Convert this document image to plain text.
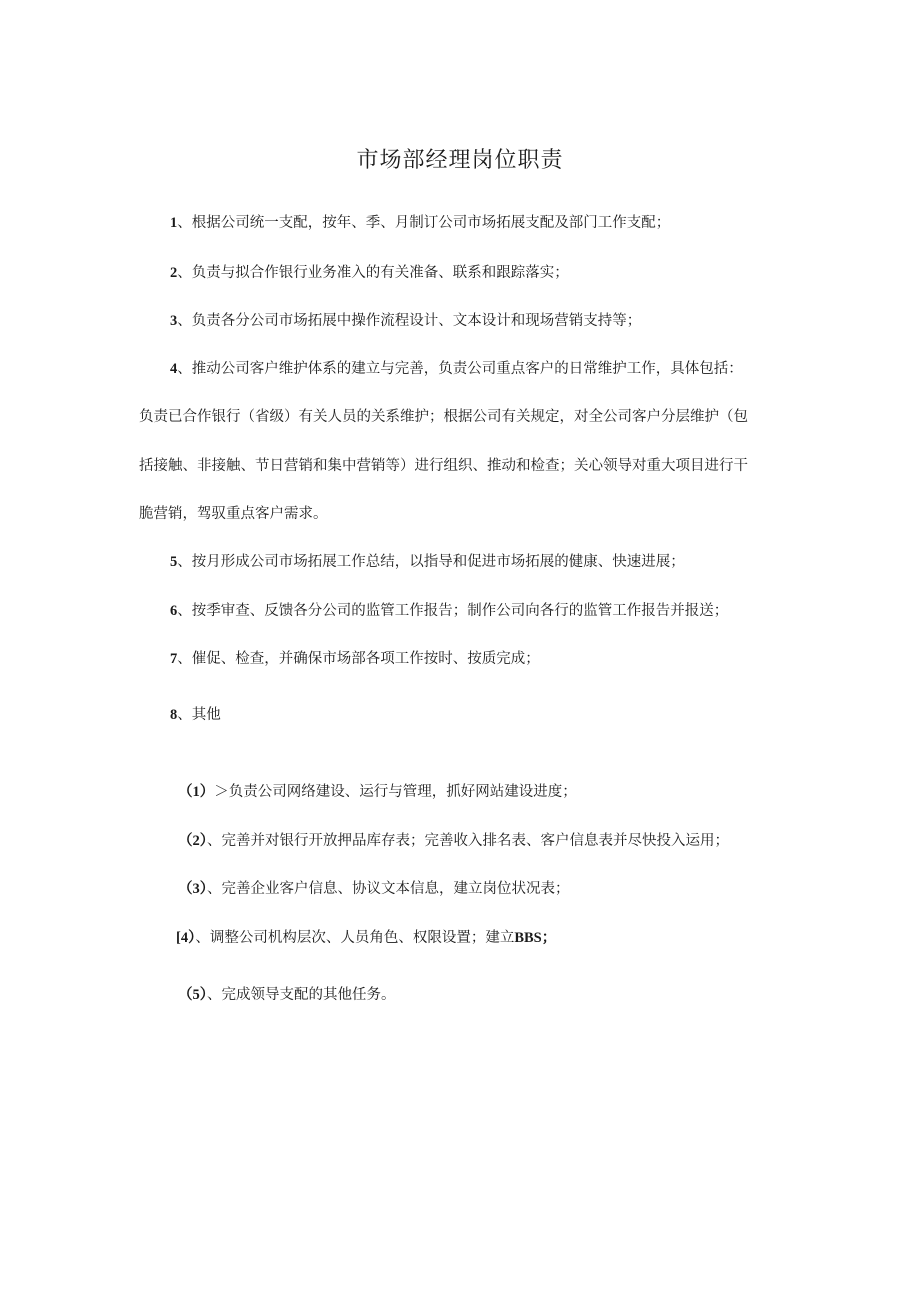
市场部经理岗位职责
1、根据公司统一支配，按年、季、月制订公司市场拓展支配及部门工作支配；
2、负责与拟合作银行业务准入的有关准备、联系和跟踪落实；
3、负责各分公司市场拓展中操作流程设计、文本设计和现场营销支持等；
4、推动公司客户维护体系的建立与完善，负责公司重点客户的日常维护工作，具体包括：
负责已合作银行（省级）有关人员的关系维护；根据公司有关规定，对全公司客户分层维护（包
括接触、非接触、节日营销和集中营销等）进行组织、推动和检查；关心领导对重大项目进行干
脆营销，驾驭重点客户需求。
5、按月形成公司市场拓展工作总结，以指导和促进市场拓展的健康、快速进展；
6、按季审查、反馈各分公司的监管工作报告；制作公司向各行的监管工作报告并报送；
7、催促、检查，并确保市场部各项工作按时、按质完成；
8、其他
（1）＞负责公司网络建设、运行与管理，抓好网站建设进度；
（2）、完善并对银行开放押品库存表；完善收入排名表、客户信息表并尽快投入运用；
（3）、完善企业客户信息、协议文本信息，建立岗位状况表；
[4）、调整公司机构层次、人员角色、权限设置；建立BBS；
（5）、完成领导支配的其他任务。
